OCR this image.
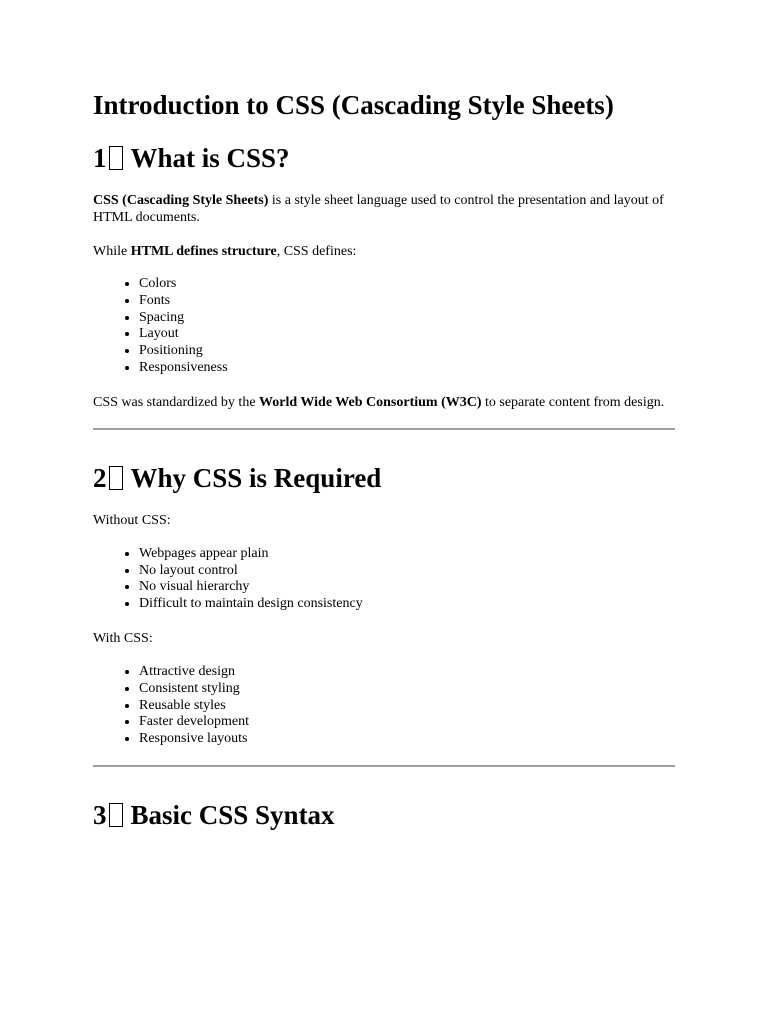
Introduction to CSS (Cascading Style Sheets)
1 What is CSS?

CSS (Cascading Style Sheets) is a style sheet language used to control the presentation and layout of HTML documents.

While HTML defines structure, CSS defines:

• Colors
• Fonts
• Spacing
• Layout
• Positioning
• Responsiveness

CSS was standardized by the World Wide Web Consortium (W3C) to separate content from design.

2 Why CSS is Required

Without CSS:

• Webpages appear plain
• No layout control
• No visual hierarchy
• Difficult to maintain design consistency

With CSS:

• Attractive design
• Consistent styling
• Reusable styles
• Faster development
• Responsive layouts
3 Basic CSS Syntax
